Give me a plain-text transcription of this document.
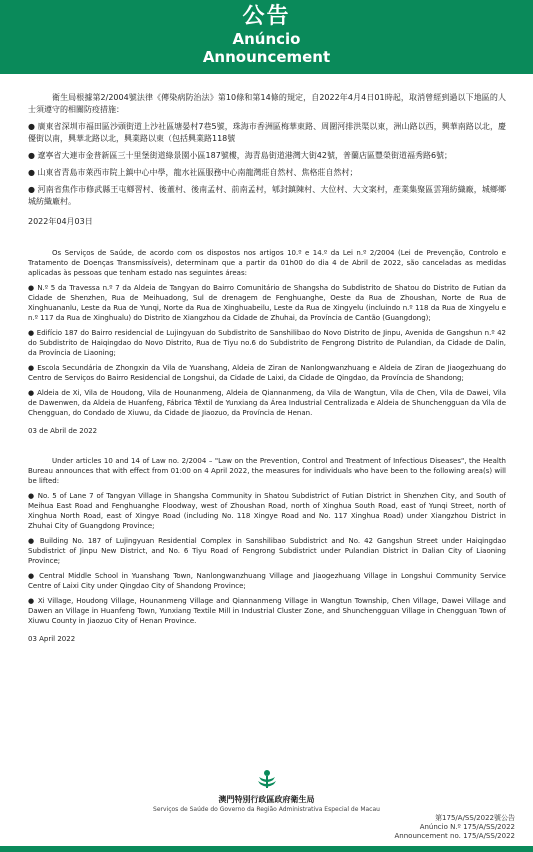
公告
Anúncio
Announcement

衛生局根據第2/2004號法律《傳染病防治法》第10條和第14條的規定，自2022年4月4日01時起，取消曾經到過以下地區的人士須遵守的相關防疫措施：

● 廣東省深圳市福田區沙頭街道上沙社區塘晏村7巷5號，珠海市香洲區梅華東路、周圍河排洪渠以東，洲山路以西，興華南路以北，慶優街以南，興華北路以北，興業路以東（包括興業路118號

● 遼寧省大連市金普新區三十里堡街道綠景園小區187號樓，海青島街道港灣大街42號，普蘭店區豐榮街道福秀路6號；

● 山東省青島市萊西市院上鎮中心中學，龍水社區服務中心南龍灣莊自然村、焦格莊自然村；

● 河南省焦作市修武縣王屯鄉習村、後董村、後南孟村、前南孟村，郇封鎮陳村、大位村、大文案村，產業集聚區雲翔紡織廠，城鄉鄉城紡織廠村。

2022年04月03日

Os Serviços de Saúde, de acordo com os dispostos nos artigos 10.º e 14.º da Lei n.º 2/2004 (Lei de Prevenção, Controlo e Tratamento de Doenças Transmissíveis), determinam que a partir da 01h00 do dia 4 de Abril de 2022, são canceladas as medidas aplicadas às pessoas que tenham estado nas seguintes áreas:

● N.º 5 da Travessa n.º 7 da Aldeia de Tangyan do Bairro Comunitário de Shangsha do Subdistrito de Shatou do Distrito de Futian da Cidade de Shenzhen, Rua de Meihuadong, Sul de drenagem de Fenghuanghe, Oeste da Rua de Zhoushan, Norte de Rua de Xinghuananlu, Leste da Rua de Yunqi, Norte da Rua de Xinghuabeilu, Leste da Rua de Xingyelu (incluindo n.º 118 da Rua de Xingyelu e n.º 117 da Rua de Xinghualu) do Distrito de Xiangzhou da Cidade de Zhuhai, da Província de Cantão (Guangdong);

● Edifício 187 do Bairro residencial de Lujingyuan do Subdistrito de Sanshilibao do Novo Distrito de Jinpu, Avenida de Gangshun n.º 42 do Subdistrito de Haiqingdao do Novo Distrito, Rua de Tiyu no.6 do Subdistrito de Fengrong Distrito de Pulandian, da Cidade de Dalin, da Província de Liaoning;

● Escola Secundária de Zhongxin da Vila de Yuanshang, Aldeia de Ziran de Nanlongwanzhuang e Aldeia de Ziran de Jiaogezhuang do Centro de Serviços do Bairro Residencial de Longshui, da Cidade de Laixi, da Cidade de Qingdao, da Província de Shandong;

● Aldeia de Xi, Vila de Houdong, Vila de Hounanmeng, Aldeia de Qiannanmeng, da Vila de Wangtun, Vila de Chen, Vila de Dawei, Vila de Dawenwen, da Aldeia de Huanfeng, Fábrica Têxtil de Yunxiang da Área Industrial Centralizada e Aldeia de Shunchengguan da Vila de Chengguan, do Condado de Xiuwu, da Cidade de Jiaozuo, da Província de Henan.

03 de Abril de 2022

Under articles 10 and 14 of Law no. 2/2004 – "Law on the Prevention, Control and Treatment of Infectious Diseases", the Health Bureau announces that with effect from 01:00 on 4 April 2022, the measures for individuals who have been to the following area(s) will be lifted:

● No. 5 of Lane 7 of Tangyan Village in Shangsha Community in Shatou Subdistrict of Futian District in Shenzhen City, and South of Meihua East Road and Fenghuanghe Floodway, west of Zhoushan Road, north of Xinghua South Road, east of Yunqi Street, north of Xinghua North Road, east of Xingye Road (including No. 118 Xingye Road and No. 117 Xinghua Road) under Xiangzhou District in Zhuhai City of Guangdong Province;

● Building No. 187 of Lujingyuan Residential Complex in Sanshilibao Subdistrict and No. 42 Gangshun Street under Haiqingdao Subdistrict of Jinpu New District, and No. 6 Tiyu Road of Fengrong Subdistrict under Pulandian District in Dalian City of Liaoning Province;

● Central Middle School in Yuanshang Town, Nanlongwanzhuang Village and Jiaogezhuang Village in Longshui Community Service Centre of Laixi City under Qingdao City of Shandong Province;

● Xi Village, Houdong Village, Hounanmeng Village and Qiannanmeng Village in Wangtun Township, Chen Village, Dawei Village and Dawen an Village in Huanfeng Town, Yunxiang Textile Mill in Industrial Cluster Zone, and Shunchengguan Village in Chengguan Town of Xiuwu County in Jiaozuo City of Henan Province.

03 April 2022

澳門特別行政區政府衛生局
Serviços de Saúde do Governo da Região Administrativa Especial de Macau
第175/A/SS/2022號公告
Anúncio N.º 175/A/SS/2022
Announcement no. 175/A/SS/2022
